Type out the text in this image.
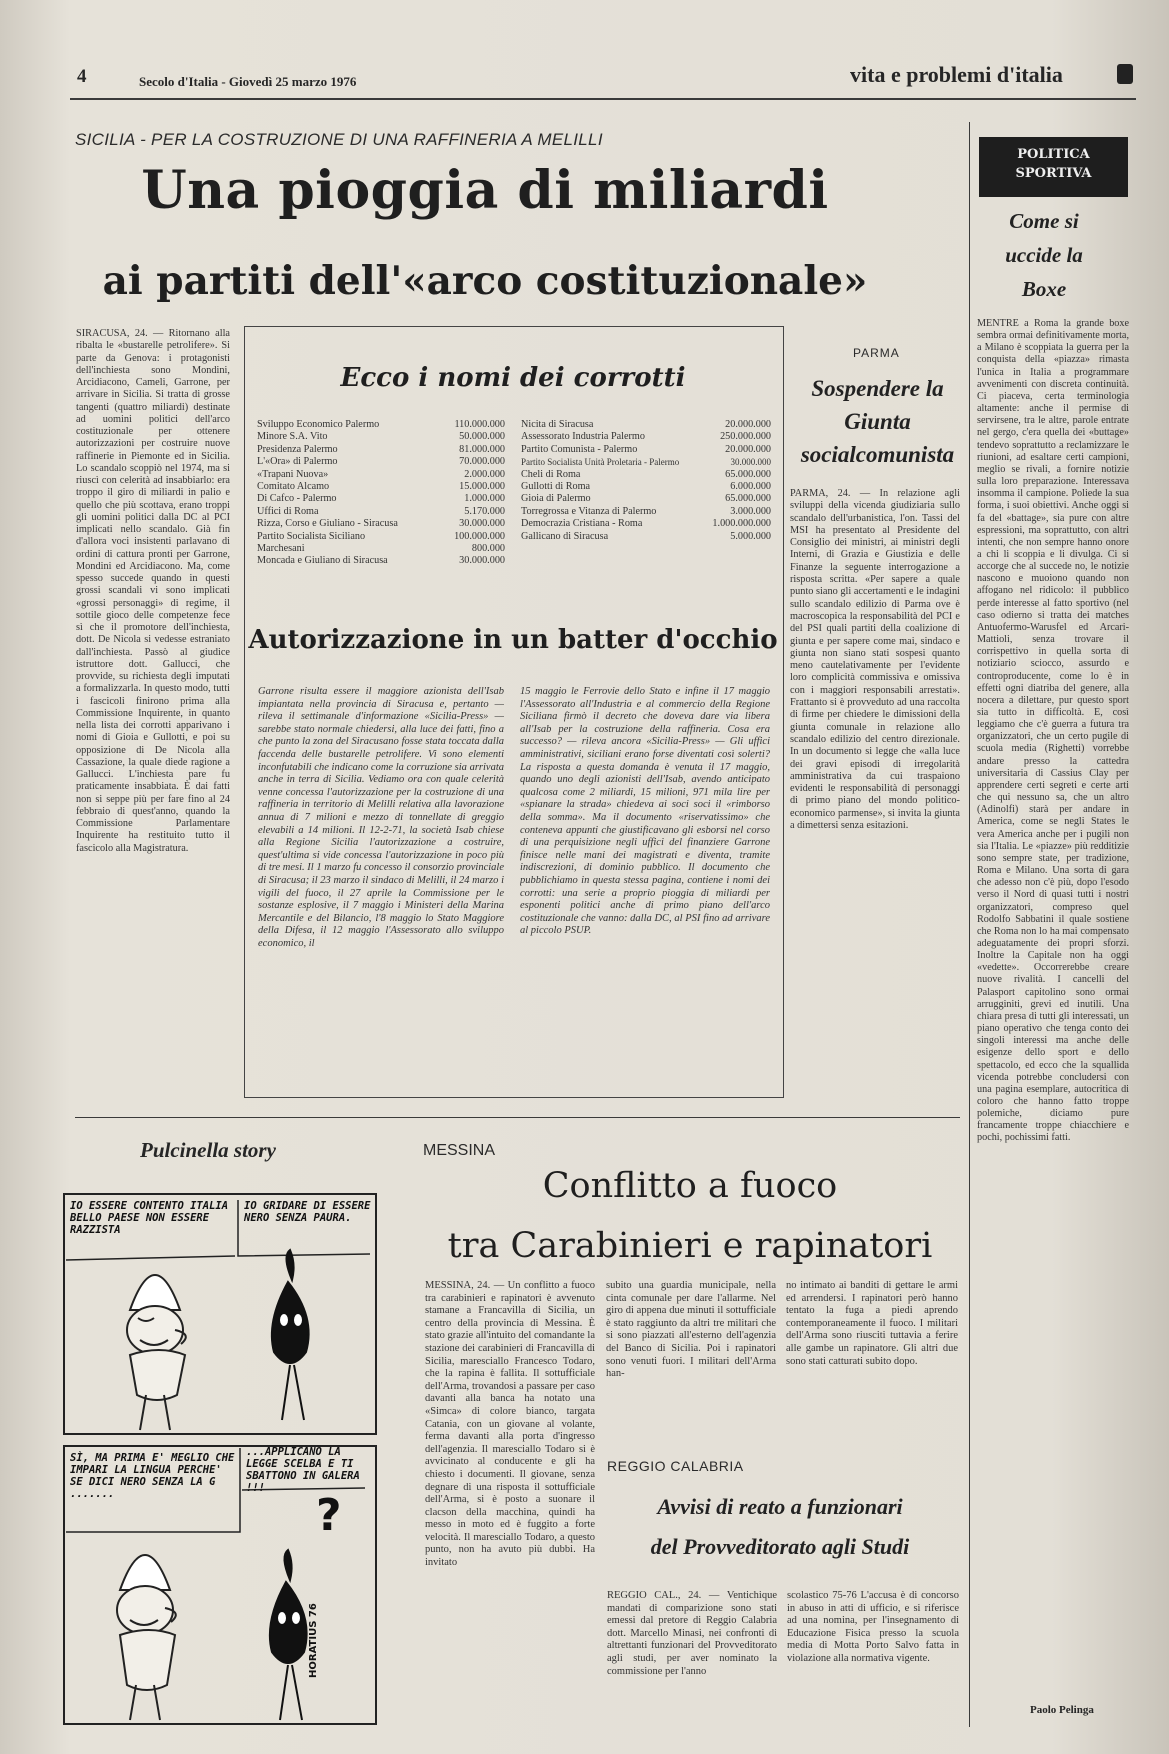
4	Secolo d'Italia - Giovedì 25 marzo 1976	vita e problemi d'italia
SICILIA - PER LA COSTRUZIONE DI UNA RAFFINERIA A MELILLI
Una pioggia di miliardi
ai partiti dell'«arco costituzionale»
SIRACUSA, 24. — Ritornano alla ribalta le «bustarelle petrolifere». Si parte da Genova: i protagonisti dell'inchiesta sono Mondini, Arcidiacono, Cameli, Garrone, per arrivare in Sicilia. Si tratta di grosse tangenti (quattro miliardi) destinate ad uomini politici dell'arco costituzionale per ottenere autorizzazioni per costruire nuove raffinerie in Piemonte ed in Sicilia. Lo scandalo scoppiò nel 1974, ma si riuscì con celerità ad insabbiarlo: era troppo il giro di miliardi in palio e quello che più scottava, erano troppi gli uomini politici dalla DC al PCI implicati nello scandalo. Già fin d'allora voci insistenti parlavano di ordini di cattura pronti per Garrone, Mondini ed Arcidiacono. Ma, come spesso succede quando in questi grossi scandali vi sono implicati «grossi personaggi» di regime, il sottile gioco delle competenze fece sì che il promotore dell'inchiesta, dott. De Nicola si vedesse estraniato dall'inchiesta. Passò al giudice istruttore dott. Gallucci, che provvide, su richiesta degli imputati a formalizzarla. In questo modo, tutti i fascicoli finirono prima alla Commissione Inquirente, in quanto nella lista dei corrotti apparivano i nomi di Gioia e Gullotti, e poi su opposizione di De Nicola alla Cassazione, la quale diede ragione a Gallucci. L'inchiesta pare fu praticamente insabbiata. È dai fatti non si seppe più per fare fino al 24 febbraio di quest'anno, quando la Commissione Parlamentare Inquirente ha restituito tutto il fascicolo alla Magistratura.
Ecco i nomi dei corrotti
Sviluppo Economico Palermo	110.000.000
Minore S.A. Vito	50.000.000
Presidenza Palermo	81.000.000
L'«Ora» di Palermo	70.000.000
«Trapani Nuova»	2.000.000
Comitato Alcamo	15.000.000
Di Cafco - Palermo	1.000.000
Uffici di Roma	5.170.000
Rizza, Corso e Giuliano - Siracusa	30.000.000
Partito Socialista Siciliano	100.000.000
Marchesani	800.000
Moncada e Giuliano di Siracusa	30.000.000
Nicita di Siracusa	20.000.000
Assessorato Industria Palermo	250.000.000
Partito Comunista - Palermo	20.000.000
Partito Socialista Unità Proletaria - Palermo	30.000.000
Cheli di Roma	65.000.000
Gullotti di Roma	6.000.000
Gioia di Palermo	65.000.000
Torregrossa e Vitanza di Palermo	3.000.000
Democrazia Cristiana - Roma	1.000.000.000
Gallicano di Siracusa	5.000.000
Autorizzazione in un batter d'occhio
Garrone risulta essere il maggiore azionista dell'Isab impiantata nella provincia di Siracusa e, pertanto — rileva il settimanale d'informazione «Sicilia-Press» — sarebbe stato normale chiedersi, alla luce dei fatti, fino a che punto la zona del Siracusano fosse stata toccata dalla faccenda delle bustarelle petrolifere. Vi sono elementi inconfutabili che indicano come la corruzione sia arrivata anche in terra di Sicilia. Vediamo ora con quale celerità venne concessa l'autorizzazione per la costruzione di una raffineria in territorio di Melilli relativa alla lavorazione annua di 7 milioni e mezzo di tonnellate di greggio elevabili a 14 milioni. Il 12-2-71, la società Isab chiese alla Regione Sicilia l'autorizzazione a costruire, quest'ultima si vide concessa l'autorizzazione in poco più di tre mesi. Il 1 marzo fu concesso il consorzio provinciale di Siracusa; il 23 marzo il sindaco di Melilli, il 24 marzo i vigili del fuoco, il 27 aprile la Commissione per le sostanze esplosive, il 7 maggio i Ministeri della Marina Mercantile e del Bilancio, l'8 maggio lo Stato Maggiore della Difesa, il 12 maggio l'Assessorato allo sviluppo economico, il
15 maggio le Ferrovie dello Stato e infine il 17 maggio l'Assessorato all'Industria e al commercio della Regione Siciliana firmò il decreto che doveva dare via libera all'Isab per la costruzione della raffineria. Cosa era successo? — rileva ancora «Sicilia-Press» — Gli uffici amministrativi, siciliani erano forse diventati così solerti? La risposta a questa domanda è venuta il 17 maggio, quando uno degli azionisti dell'Isab, avendo anticipato qualcosa come 2 miliardi, 15 milioni, 971 mila lire per «spianare la strada» chiedeva ai soci soci il «rimborso della somma». Ma il documento «riservatissimo» che conteneva appunti che giustificavano gli esborsi nel corso di una perquisizione negli uffici del finanziere Garrone finisce nelle mani dei magistrati e diventa, tramite indiscrezioni, di dominio pubblico. Il documento che pubblichiamo in questa stessa pagina, contiene i nomi dei corrotti: una serie a proprio pioggia di miliardi per esponenti politici anche di primo piano dell'arco costituzionale che vanno: dalla DC, al PSI fino ad arrivare al piccolo PSUP.
PARMA
Sospendere la Giunta socialcomunista
PARMA, 24. — In relazione agli sviluppi della vicenda giudiziaria sullo scandalo dell'urbanistica, l'on. Tassi del MSI ha presentato al Presidente del Consiglio dei ministri, ai ministri degli Interni, di Grazia e Giustizia e delle Finanze la seguente interrogazione a risposta scritta. «Per sapere a quale punto siano gli accertamenti e le indagini sullo scandalo edilizio di Parma ove è macroscopica la responsabilità del PCI e del PSI quali partiti della coalizione di giunta e per sapere come mai, sindaco e giunta non siano stati sospesi quanto meno cautelativamente per l'evidente loro complicità commissiva e omissiva con i maggiori responsabili arrestati». Frattanto si è provveduto ad una raccolta di firme per chiedere le dimissioni della giunta comunale in relazione allo scandalo edilizio del centro direzionale. In un documento si legge che «alla luce dei gravi episodi di irregolarità amministrativa da cui traspaiono evidenti le responsabilità di personaggi di primo piano del mondo politico-economico parmense», si invita la giunta a dimettersi senza esitazioni.
POLITICA SPORTIVA
Come si uccide la Boxe
MENTRE a Roma la grande boxe sembra ormai definitivamente morta, a Milano è scoppiata la guerra per la conquista della «piazza» rimasta l'unica in Italia a programmare avvenimenti con discreta continuità. Ci piaceva, certa terminologia altamente: anche il permise di servirsene, tra le altre, parole entrate nel gergo, c'era quella dei «buttage» tendevo soprattutto a reclamizzare le riunioni, ad esaltare certi campioni, meglio se rivali, a fornire notizie sulla loro preparazione. Interessava insomma il campione. Poliede la sua forma, i suoi obiettivi. Anche oggi si fa del «battage», sia pure con altre espressioni, ma soprattutto, con altri intenti, che non sempre hanno onore a chi li scoppia e li divulga. Ci si accorge che al succede no, le notizie nascono e muoiono quando non affogano nel ridicolo: il pubblico perde interesse al fatto sportivo (nel caso odierno si tratta dei matches Antuofermo-Warusfel ed Arcari-Mattioli, senza trovare il corrispettivo in quella sorta di notiziario sciocco, assurdo e controproducente, come lo è in effetti ogni diatriba del genere, alla nocera a dilettare, pur questo sport sia tutto in difficoltà. E, così leggiamo che c'è guerra a futura tra organizzatori, che un certo pugile di scuola media (Righetti) vorrebbe andare presso la cattedra universitaria di Cassius Clay per apprendere certi segreti e certe arti che qui nessuno sa, che un altro (Adinolfi) starà per andare in America, come se negli States le vera America anche per i pugili non sia l'Italia. Le «piazze» più redditizie sono sempre state, per tradizione, Roma e Milano. Una sorta di gara che adesso non c'è più, dopo l'esodo verso il Nord di quasi tutti i nostri organizzatori, compreso quel Rodolfo Sabbatini il quale sostiene che Roma non lo ha mai compensato adeguatamente dei propri sforzi. Inoltre la Capitale non ha oggi «vedette». Occorrerebbe creare nuove rivalità. I cancelli del Palasport capitolino sono ormai arrugginiti, grevi ed inutili. Una chiara presa di tutti gli interessati, un piano operativo che tenga conto dei singoli interessi ma anche delle esigenze dello sport e dello spettacolo, ed ecco che la squallida vicenda potrebbe concludersi con una pagina esemplare, autocritica di coloro che hanno fatto troppe polemiche, diciamo pure francamente troppe chiacchiere e pochi, pochissimi fatti.
Paolo Pelinga
Pulcinella story
IO ESSERE CONTENTO ITALIA BELLO PAESE NON ESSERE RAZZISTA
IO GRIDARE DI ESSERE NERO SENZA PAURA.
SÌ, MA PRIMA E' MEGLIO CHE IMPARI LA LINGUA PERCHE' SE DICI NERO SENZA LA G .......
...APPLICANO LA LEGGE SCELBA E TI SBATTONO IN GALERA !!!
?
HORATIUS 76
MESSINA
Conflitto a fuoco
tra Carabinieri e rapinatori
MESSINA, 24. — Un conflitto a fuoco tra carabinieri e rapinatori è avvenuto stamane a Francavilla di Sicilia, un centro della provincia di Messina. È stato grazie all'intuito del comandante la stazione dei carabinieri di Francavilla di Sicilia, maresciallo Francesco Todaro, che la rapina è fallita. Il sottufficiale dell'Arma, trovandosi a passare per caso davanti alla banca ha notato una «Simca» di colore bianco, targata Catania, con un giovane al volante, ferma davanti alla porta d'ingresso dell'agenzia. Il maresciallo Todaro si è avvicinato al conducente e gli ha chiesto i documenti. Il giovane, senza degnare di una risposta il sottufficiale dell'Arma, si è posto a suonare il clacson della macchina, quindi ha messo in moto ed è fuggito a forte velocità. Il maresciallo Todaro, a questo punto, non ha avuto più dubbi. Ha invitato
subito una guardia municipale, nella cinta comunale per dare l'allarme. Nel giro di appena due minuti il sottufficiale è stato raggiunto da altri tre militari che si sono piazzati all'esterno dell'agenzia del Banco di Sicilia. Poi i rapinatori sono venuti fuori. I militari dell'Arma han-
no intimato ai banditi di gettare le armi ed arrendersi. I rapinatori però hanno tentato la fuga a piedi aprendo contemporaneamente il fuoco. I militari dell'Arma sono riusciti tuttavia a ferire alle gambe un rapinatore. Gli altri due sono stati catturati subito dopo.
REGGIO CALABRIA
Avvisi di reato a funzionari
del Provveditorato agli Studi
REGGIO CAL., 24. — Ventichique mandati di comparizione sono stati emessi dal pretore di Reggio Calabria dott. Marcello Minasi, nei confronti di altrettanti funzionari del Provveditorato agli studi, per aver nominato la commissione per l'anno
scolastico 75-76 L'accusa è di concorso in abuso in atti di ufficio, e si riferisce ad una nomina, per l'insegnamento di Educazione Fisica presso la scuola media di Motta Porto Salvo fatta in violazione alla normativa vigente.
